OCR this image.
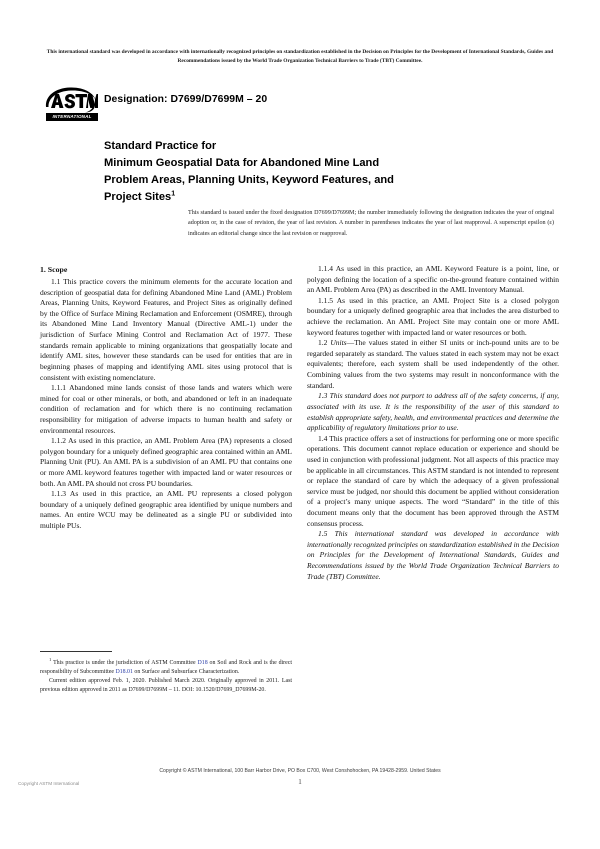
This international standard was developed in accordance with internationally recognized principles on standardization established in the Decision on Principles for the Development of International Standards, Guides and Recommendations issued by the World Trade Organization Technical Barriers to Trade (TBT) Committee.
INTERNATIONAL
Designation: D7699/D7699M – 20
Standard Practice for
Minimum Geospatial Data for Abandoned Mine Land
Problem Areas, Planning Units, Keyword Features, and
Project Sites$^1$
This standard is issued under the fixed designation D7699/D7699M; the number immediately following the designation indicates the year of original adoption or, in the case of revision, the year of last revision. A number in parentheses indicates the year of last reapproval. A superscript epsilon (ε) indicates an editorial change since the last revision or reapproval.
1. Scope

1.1 This practice covers the minimum elements for the accurate location and description of geospatial data for defining Abandoned Mine Land (AML) Problem Areas, Planning Units, Keyword Features, and Project Sites as originally defined by the Office of Surface Mining Reclamation and Enforcement (OSMRE), through its Abandoned Mine Land Inventory Manual (Directive AML-1) under the jurisdiction of Surface Mining Control and Reclamation Act of 1977. These standards remain applicable to mining organizations that geospatially locate and identify AML sites, however these standards can be used for entities that are in beginning phases of mapping and identifying AML sites using protocol that is consistent with existing nomenclature.

1.1.1 Abandoned mine lands consist of those lands and waters which were mined for coal or other minerals, or both, and abandoned or left in an inadequate condition of reclamation and for which there is no continuing reclamation responsibility for mitigation of adverse impacts to human health and safety or environmental resources.

1.1.2 As used in this practice, an AML Problem Area (PA) represents a closed polygon boundary for a uniquely defined geographic area contained within an AML Planning Unit (PU). An AML PA is a subdivision of an AML PU that contains one or more AML keyword features together with impacted land or water resources or both. An AML PA should not cross PU boundaries.

1.1.3 As used in this practice, an AML PU represents a closed polygon boundary of a uniquely defined geographic area identified by unique numbers and names. An entire WCU may be delineated as a single PU or subdivided into multiple PUs.

1.1.4 As used in this practice, an AML Keyword Feature is a point, line, or polygon defining the location of a specific on-the-ground feature contained within an AML Problem Area (PA) as described in the AML Inventory Manual.

1.1.5 As used in this practice, an AML Project Site is a closed polygon boundary for a uniquely defined geographic area that includes the area disturbed to achieve the reclamation. An AML Project Site may contain one or more AML keyword features together with impacted land or water resources or both.

1.2 Units—The values stated in either SI units or inch-pound units are to be regarded separately as standard. The values stated in each system may not be exact equivalents; therefore, each system shall be used independently of the other. Combining values from the two systems may result in nonconformance with the standard.

1.3 This standard does not purport to address all of the safety concerns, if any, associated with its use. It is the responsibility of the user of this standard to establish appropriate safety, health, and environmental practices and determine the applicability of regulatory limitations prior to use.

1.4 This practice offers a set of instructions for performing one or more specific operations. This document cannot replace education or experience and should be used in conjunction with professional judgment. Not all aspects of this practice may be applicable in all circumstances. This ASTM standard is not intended to represent or replace the standard of care by which the adequacy of a given professional service must be judged, nor should this document be applied without consideration of a project’s many unique aspects. The word “Standard” in the title of this document means only that the document has been approved through the ASTM consensus process.

1.5 This international standard was developed in accordance with internationally recognized principles on standardization established in the Decision on Principles for the Development of International Standards, Guides and Recommendations issued by the World Trade Organization Technical Barriers to Trade (TBT) Committee.

$^1$ This practice is under the jurisdiction of ASTM Committee D18 on Soil and Rock and is the direct responsibility of Subcommittee D18.01 on Surface and Subsurface Characterization.

Current edition approved Feb. 1, 2020. Published March 2020. Originally approved in 2011. Last previous edition approved in 2011 as D7699/D7699M – 11. DOI: 10.1520/D7699_D7699M-20.

Copyright © ASTM International, 100 Barr Harbor Drive, PO Box C700, West Conshohocken, PA 19428-2959. United States
Copyright ASTM International	1
